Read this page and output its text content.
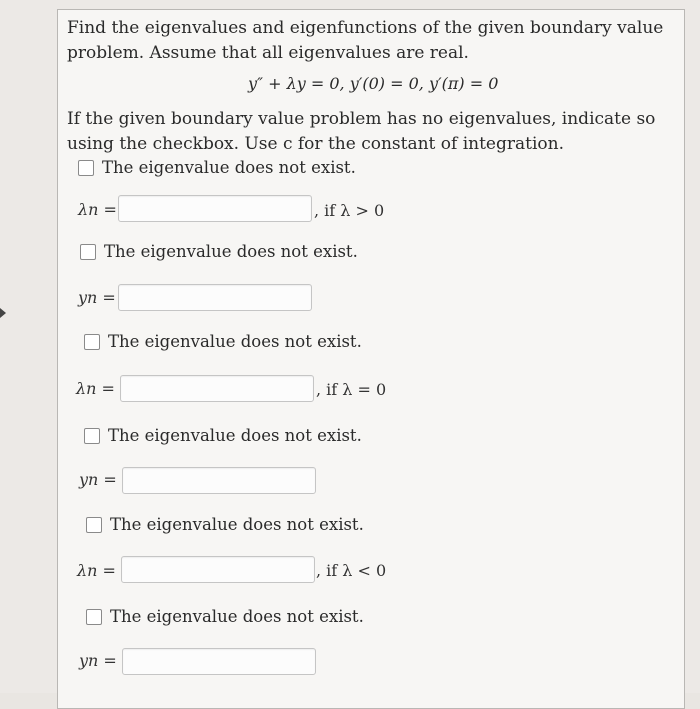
Find the eigenvalues and eigenfunctions of the given boundary value problem. Assume that all eigenvalues are real.
y″ + λy = 0, y′(0) = 0, y′(π) = 0
If the given boundary value problem has no eigenvalues, indicate so using the checkbox. Use c for the constant of integration.
The eigenvalue does not exist.
λn =	, if λ > 0
The eigenvalue does not exist.
yn =
The eigenvalue does not exist.
λn =	, if λ = 0
The eigenvalue does not exist.
yn =
The eigenvalue does not exist.
λn =	, if λ < 0
The eigenvalue does not exist.
yn =
